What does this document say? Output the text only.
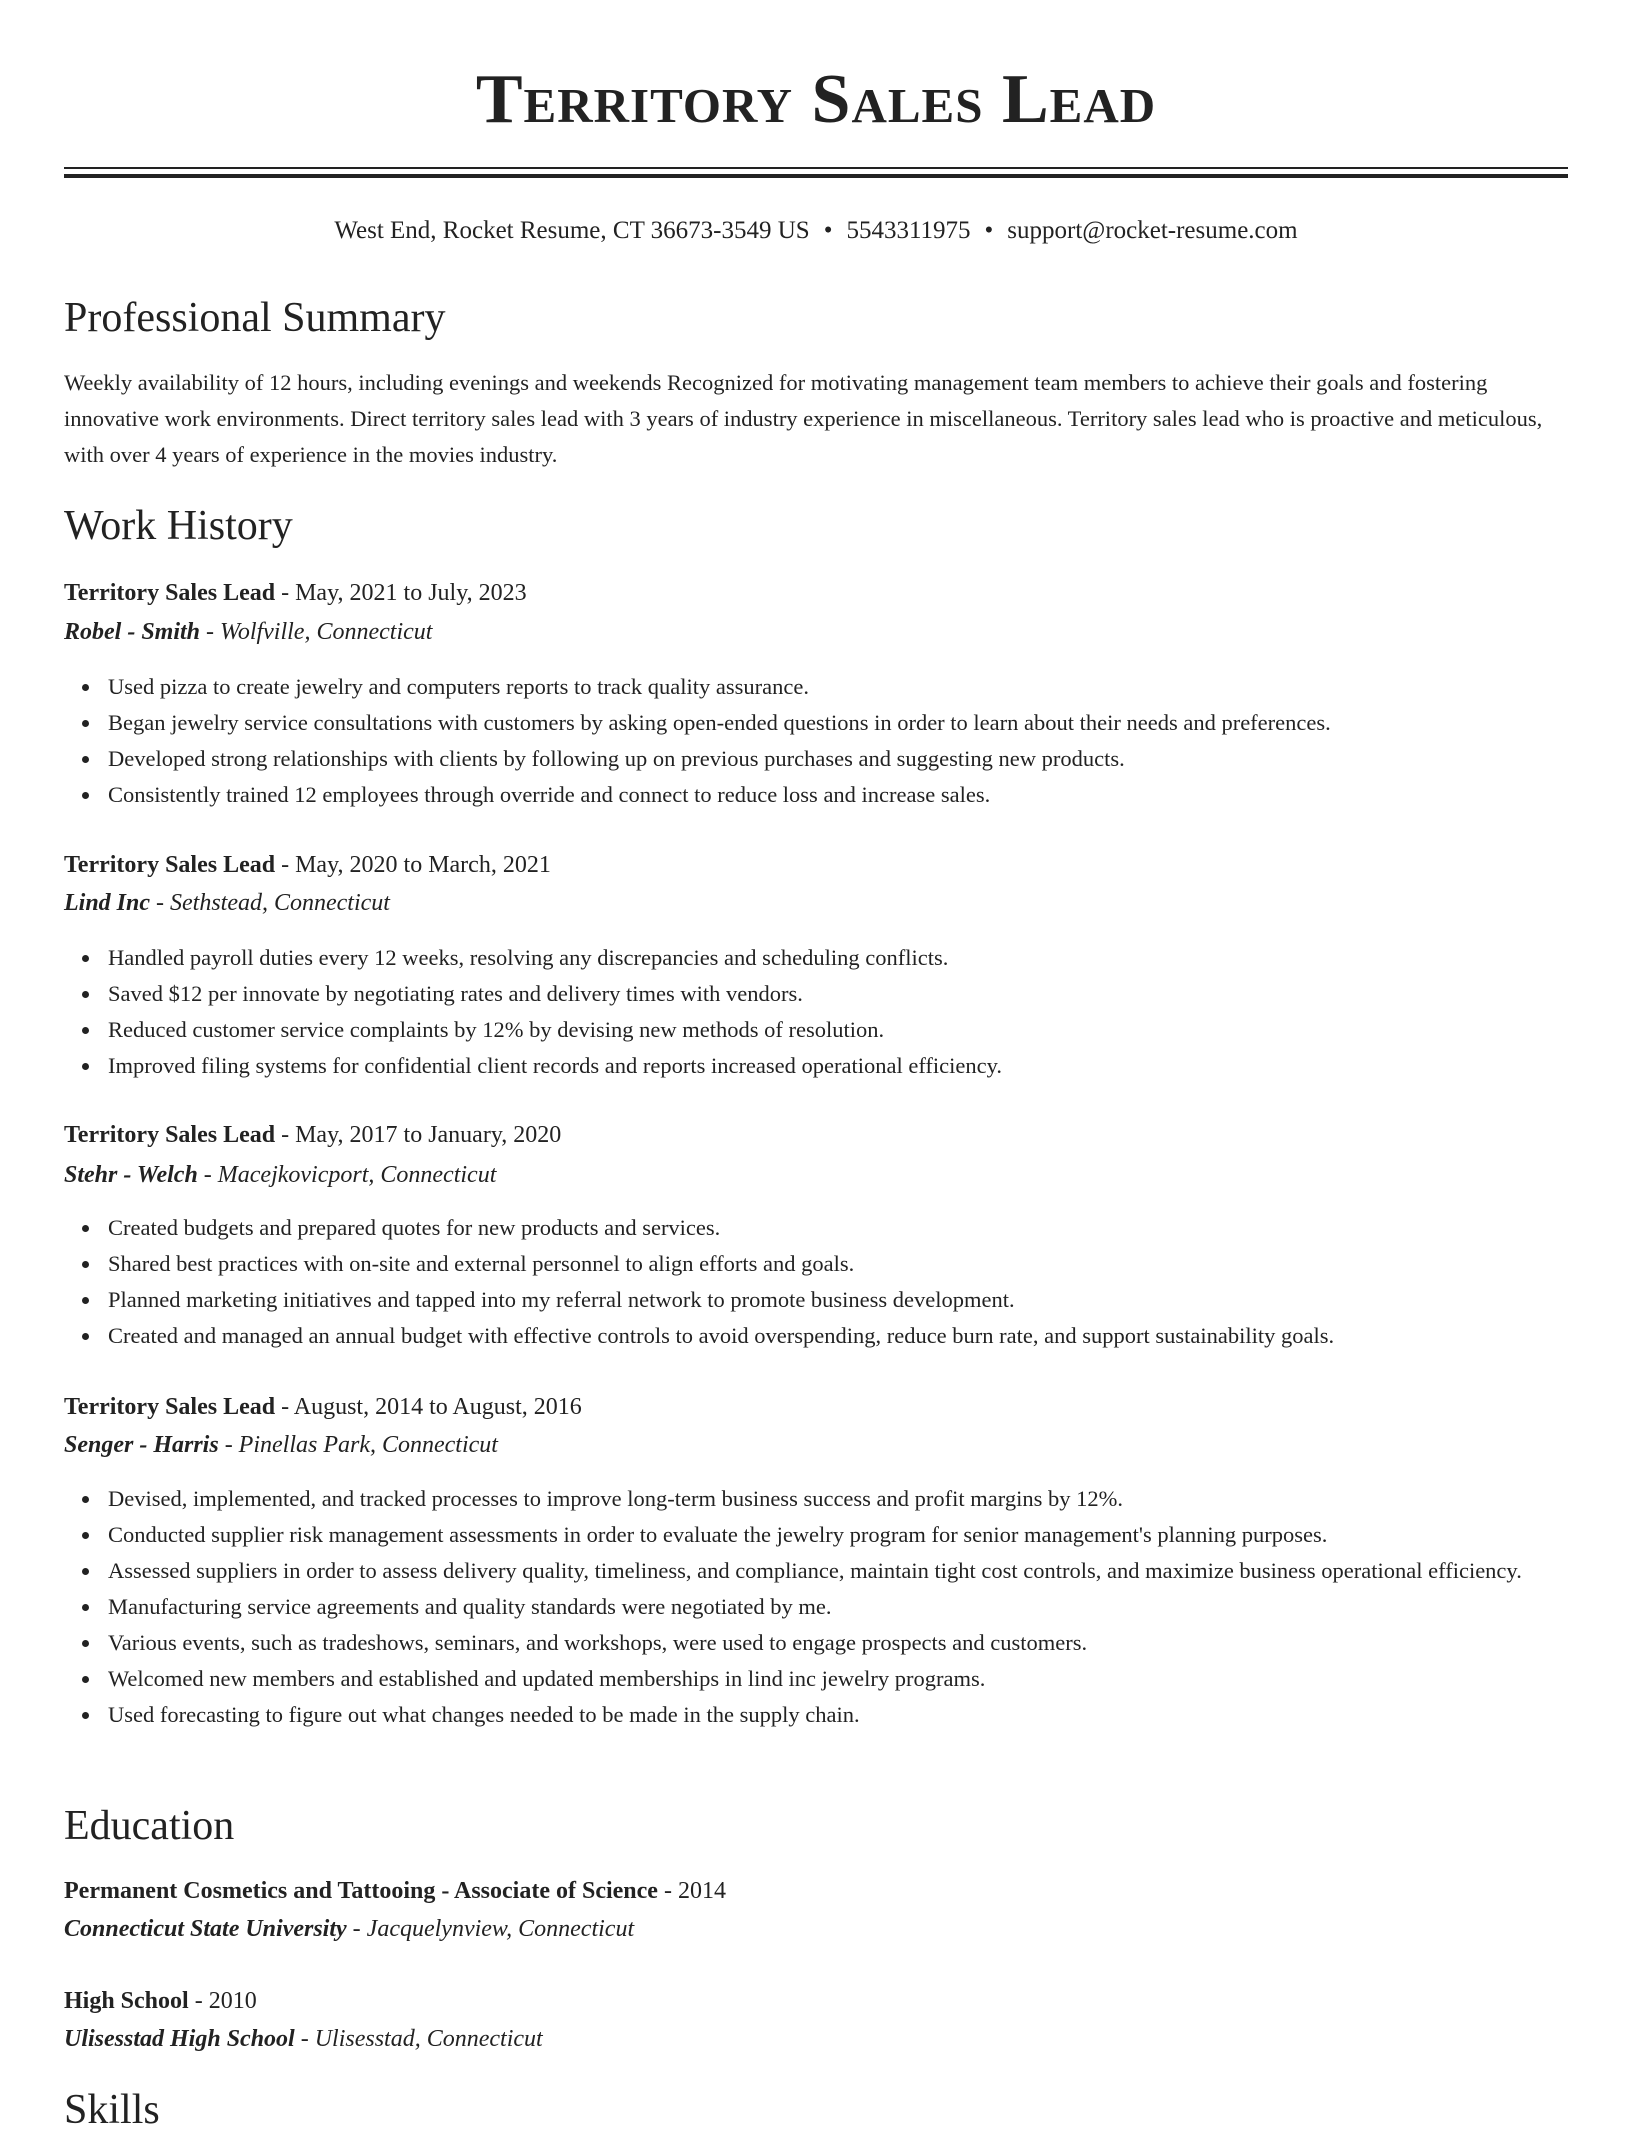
Territory Sales Lead
West End, Rocket Resume, CT 36673-3549 US • 5543311975 • support@rocket-resume.com
Professional Summary

Weekly availability of 12 hours, including evenings and weekends Recognized for motivating management team members to achieve their goals and fostering innovative work environments. Direct territory sales lead with 3 years of industry experience in miscellaneous. Territory sales lead who is proactive and meticulous, with over 4 years of experience in the movies industry.

Work History
Territory Sales Lead - May, 2021 to July, 2023
Robel - Smith - Wolfville, Connecticut
Used pizza to create jewelry and computers reports to track quality assurance.
Began jewelry service consultations with customers by asking open-ended questions in order to learn about their needs and preferences.
Developed strong relationships with clients by following up on previous purchases and suggesting new products.
Consistently trained 12 employees through override and connect to reduce loss and increase sales.
Territory Sales Lead - May, 2020 to March, 2021
Lind Inc - Sethstead, Connecticut
Handled payroll duties every 12 weeks, resolving any discrepancies and scheduling conflicts.
Saved $12 per innovate by negotiating rates and delivery times with vendors.
Reduced customer service complaints by 12% by devising new methods of resolution.
Improved filing systems for confidential client records and reports increased operational efficiency.
Territory Sales Lead - May, 2017 to January, 2020
Stehr - Welch - Macejkovicport, Connecticut
Created budgets and prepared quotes for new products and services.
Shared best practices with on-site and external personnel to align efforts and goals.
Planned marketing initiatives and tapped into my referral network to promote business development.
Created and managed an annual budget with effective controls to avoid overspending, reduce burn rate, and support sustainability goals.
Territory Sales Lead - August, 2014 to August, 2016
Senger - Harris - Pinellas Park, Connecticut
Devised, implemented, and tracked processes to improve long-term business success and profit margins by 12%.
Conducted supplier risk management assessments in order to evaluate the jewelry program for senior management's planning purposes.
Assessed suppliers in order to assess delivery quality, timeliness, and compliance, maintain tight cost controls, and maximize business operational efficiency.
Manufacturing service agreements and quality standards were negotiated by me.
Various events, such as tradeshows, seminars, and workshops, were used to engage prospects and customers.
Welcomed new members and established and updated memberships in lind inc jewelry programs.
Used forecasting to figure out what changes needed to be made in the supply chain.
Education
Permanent Cosmetics and Tattooing - Associate of Science - 2014
Connecticut State University - Jacquelynview, Connecticut
High School - 2010
Ulisesstad High School - Ulisesstad, Connecticut
Skills
